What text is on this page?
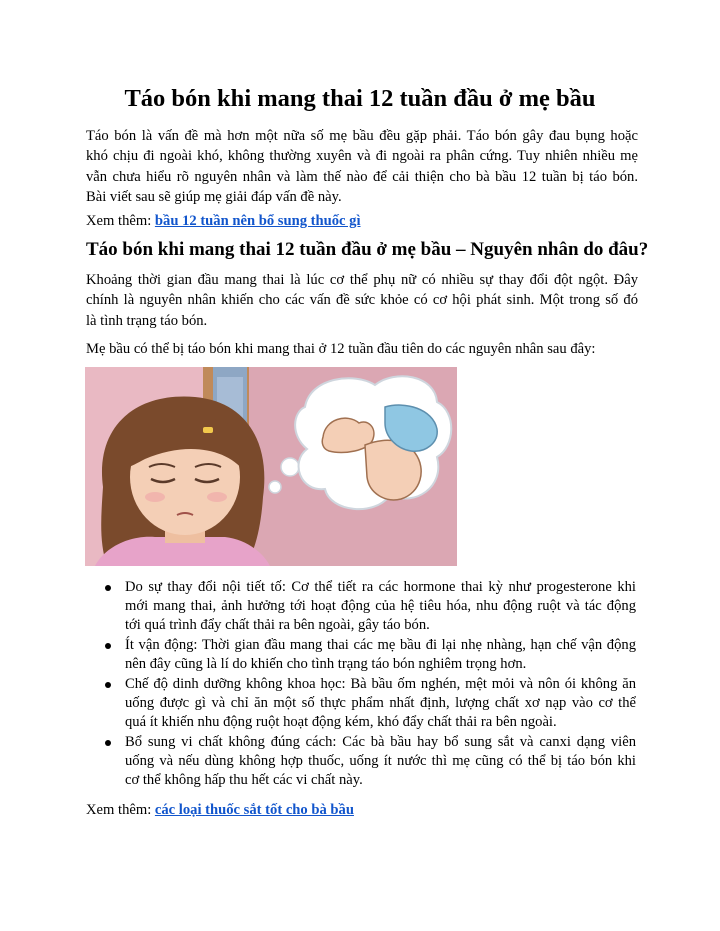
Táo bón khi mang thai 12 tuần đầu ở mẹ bầu

Táo bón là vấn đề mà hơn một nữa số mẹ bầu đều gặp phải. Táo bón gây đau bụng hoặc
khó chịu đi ngoài khó, không thường xuyên và đi ngoài ra phân cứng. Tuy nhiên nhiều mẹ
vẫn chưa hiểu rõ nguyên nhân và làm thế nào để cải thiện cho bà bầu 12 tuần bị táo bón.
Bài viết sau sẽ giúp mẹ giải đáp vấn đề này.

Xem thêm: bầu 12 tuần nên bổ sung thuốc gì

Táo bón khi mang thai 12 tuần đầu ở mẹ bầu – Nguyên nhân do đâu?

Khoảng thời gian đầu mang thai là lúc cơ thể phụ nữ có nhiều sự thay đổi đột ngột. Đây
chính là nguyên nhân khiến cho các vấn đề sức khỏe có cơ hội phát sinh. Một trong số đó
là tình trạng táo bón.

Mẹ bầu có thể bị táo bón khi mang thai ở 12 tuần đầu tiên do các nguyên nhân sau đây:

Do sự thay đổi nội tiết tố: Cơ thể tiết ra các hormone thai kỳ như progesterone khi
mới mang thai, ảnh hưởng tới hoạt động của hệ tiêu hóa, nhu động ruột và tác động
tới quá trình đẩy chất thải ra bên ngoài, gây táo bón.

Ít vận động: Thời gian đầu mang thai các mẹ bầu đi lại nhẹ nhàng, hạn chế vận động
nên đây cũng là lí do khiến cho tình trạng táo bón nghiêm trọng hơn.

Chế độ dinh dưỡng không khoa học: Bà bầu ốm nghén, mệt mỏi và nôn ói không ăn
uống được gì và chỉ ăn một số thực phẩm nhất định, lượng chất xơ nạp vào cơ thể
quá ít khiến nhu động ruột hoạt động kém, khó đẩy chất thải ra bên ngoài.

Bổ sung vi chất không đúng cách: Các bà bầu hay bổ sung sắt và canxi dạng viên
uống và nếu dùng không hợp thuốc, uống ít nước thì mẹ cũng có thể bị táo bón khi
cơ thể không hấp thu hết các vi chất này.

Xem thêm: các loại thuốc sắt tốt cho bà bầu
